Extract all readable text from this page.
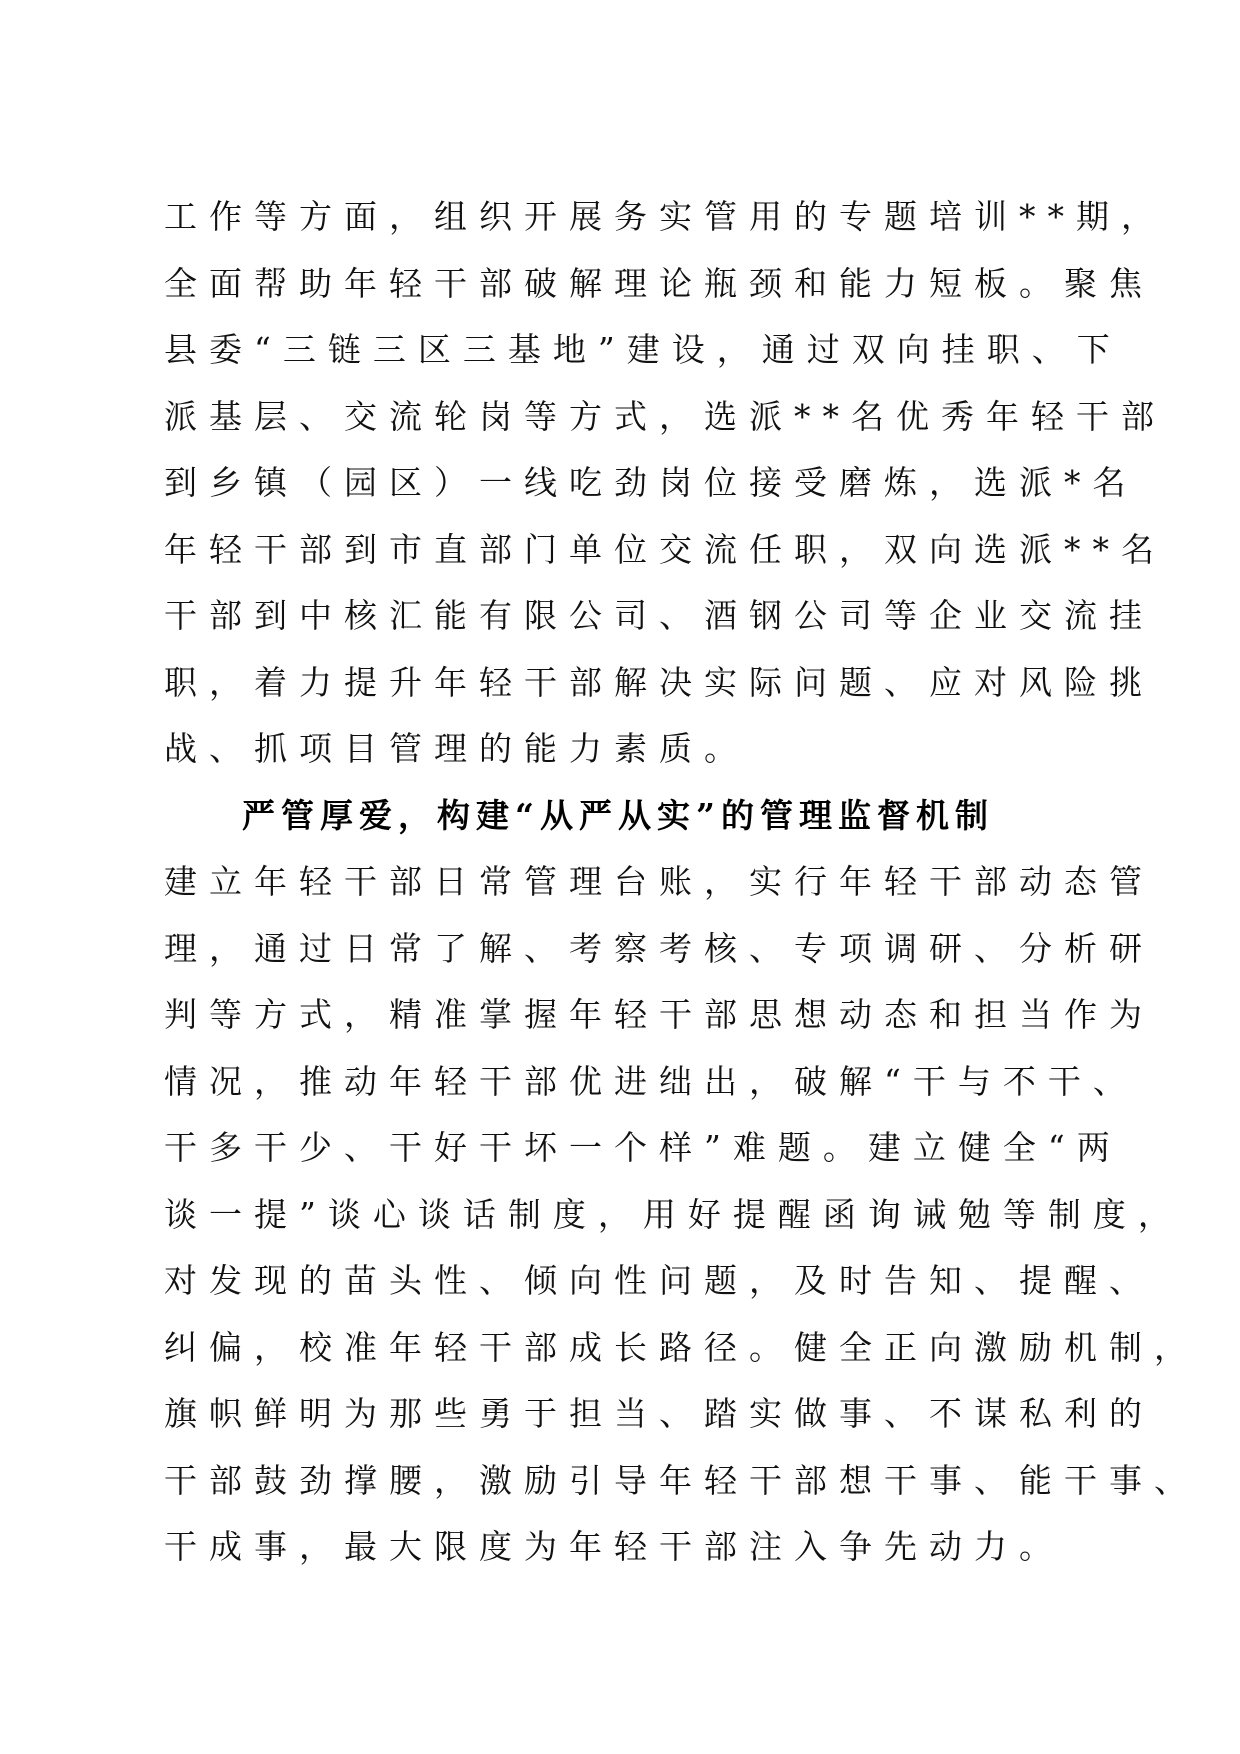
工作等方面，组织开展务实管用的专题培训**期，
全面帮助年轻干部破解理论瓶颈和能力短板。聚焦
县委“三链三区三基地”建设，通过双向挂职、下
派基层、交流轮岗等方式，选派**名优秀年轻干部
到乡镇（园区）一线吃劲岗位接受磨炼，选派*名
年轻干部到市直部门单位交流任职，双向选派**名
干部到中核汇能有限公司、酒钢公司等企业交流挂
职，着力提升年轻干部解决实际问题、应对风险挑
战、抓项目管理的能力素质。
严管厚爱，构建“从严从实”的管理监督机制
建立年轻干部日常管理台账，实行年轻干部动态管
理，通过日常了解、考察考核、专项调研、分析研
判等方式，精准掌握年轻干部思想动态和担当作为
情况，推动年轻干部优进绌出，破解“干与不干、
干多干少、干好干坏一个样”难题。建立健全“两
谈一提”谈心谈话制度，用好提醒函询诫勉等制度，
对发现的苗头性、倾向性问题，及时告知、提醒、
纠偏，校准年轻干部成长路径。健全正向激励机制，
旗帜鲜明为那些勇于担当、踏实做事、不谋私利的
干部鼓劲撑腰，激励引导年轻干部想干事、能干事、
干成事，最大限度为年轻干部注入争先动力。
